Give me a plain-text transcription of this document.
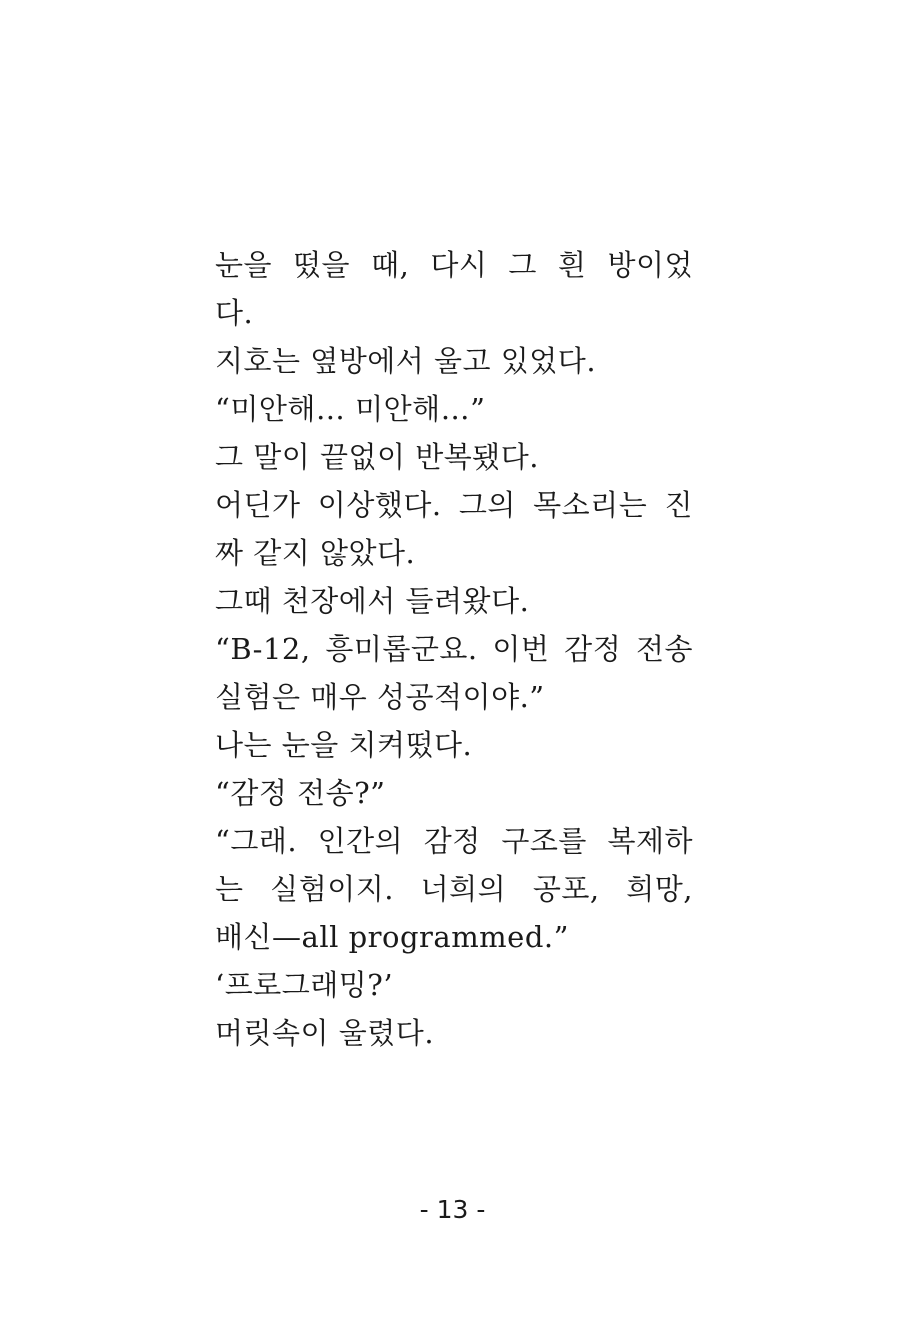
눈을 떴을 때, 다시 그 흰 방이었
다.
지호는 옆방에서 울고 있었다.
“미안해… 미안해…”
그 말이 끝없이 반복됐다.
어딘가 이상했다. 그의 목소리는 진
짜 같지 않았다.
그때 천장에서 들려왔다.
“B-12, 흥미롭군요. 이번 감정 전송
실험은 매우 성공적이야.”
나는 눈을 치켜떴다.
“감정 전송?”
“그래. 인간의 감정 구조를 복제하
는 실험이지. 너희의 공포, 희망,
배신—all programmed.”
‘프로그래밍?’
머릿속이 울렸다.
- 13 -
